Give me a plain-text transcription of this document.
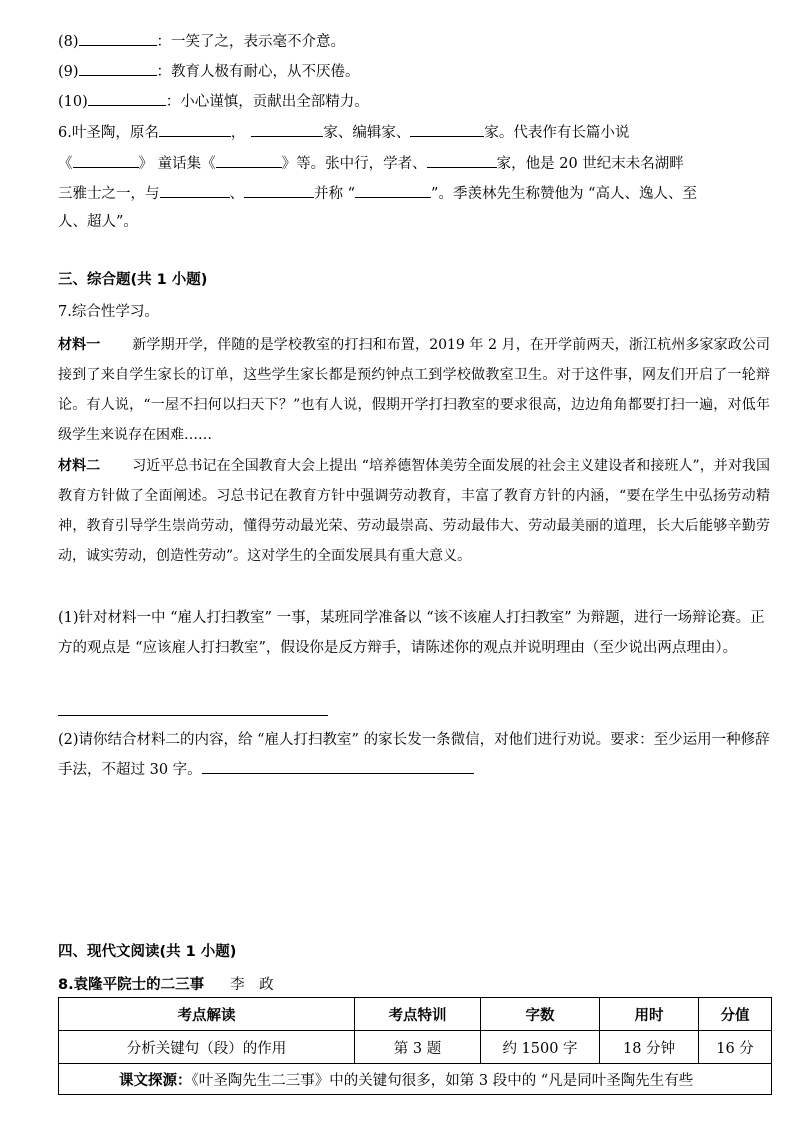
(8)	：一笑了之，表示毫不介意。
(9)	：教育人极有耐心，从不厌倦。
(10)	：小心谨慎，贡献出全部精力。
6.叶圣陶，原名	，	家、编辑家、	家。代表作有长篇小说
《	》 童话集《	》等。张中行，学者、	家，他是 20 世纪末未名湖畔
三雅士之一，与	、	并称 “	”。季羡林先生称赞他为 “高人、逸人、至
人、超人”。
三、综合题(共 1 小题)
7.综合性学习。
材料一 新学期开学，伴随的是学校教室的打扫和布置，2019 年 2 月，在开学前两天，浙江杭州多家家政公司接到了来自学生家长的订单，这些学生家长都是预约钟点工到学校做教室卫生。对于这件事，网友们开启了一轮辩论。有人说，“一屋不扫何以扫天下？”也有人说，假期开学打扫教室的要求很高，边边角角都要打扫一遍，对低年级学生来说存在困难……
材料二 习近平总书记在全国教育大会上提出 “培养德智体美劳全面发展的社会主义建设者和接班人”，并对我国教育方针做了全面阐述。习总书记在教育方针中强调劳动教育，丰富了教育方针的内涵，“要在学生中弘扬劳动精神，教育引导学生崇尚劳动，懂得劳动最光荣、劳动最崇高、劳动最伟大、劳动最美丽的道理，长大后能够辛勤劳动，诚实劳动，创造性劳动”。这对学生的全面发展具有重大意义。
(1)针对材料一中 “雇人打扫教室” 一事，某班同学准备以 “该不该雇人打扫教室” 为辩题，进行一场辩论赛。正方的观点是 “应该雇人打扫教室”，假设你是反方辩手，请陈述你的观点并说明理由（至少说出两点理由）。
(2)请你结合材料二的内容，给 “雇人打扫教室” 的家长发一条微信，对他们进行劝说。要求：至少运用一种修辞手法，不超过 30 字。
四、现代文阅读(共 1 小题)
8.袁隆平院士的二三事 李　政
考点解读	考点特训	字数	用时	分值
分析关键句（段）的作用	第 3 题	约 1500 字	18 分钟	16 分
课文探源：《叶圣陶先生二三事》中的关键句很多，如第 3 段中的 “凡是同叶圣陶先生有些				
